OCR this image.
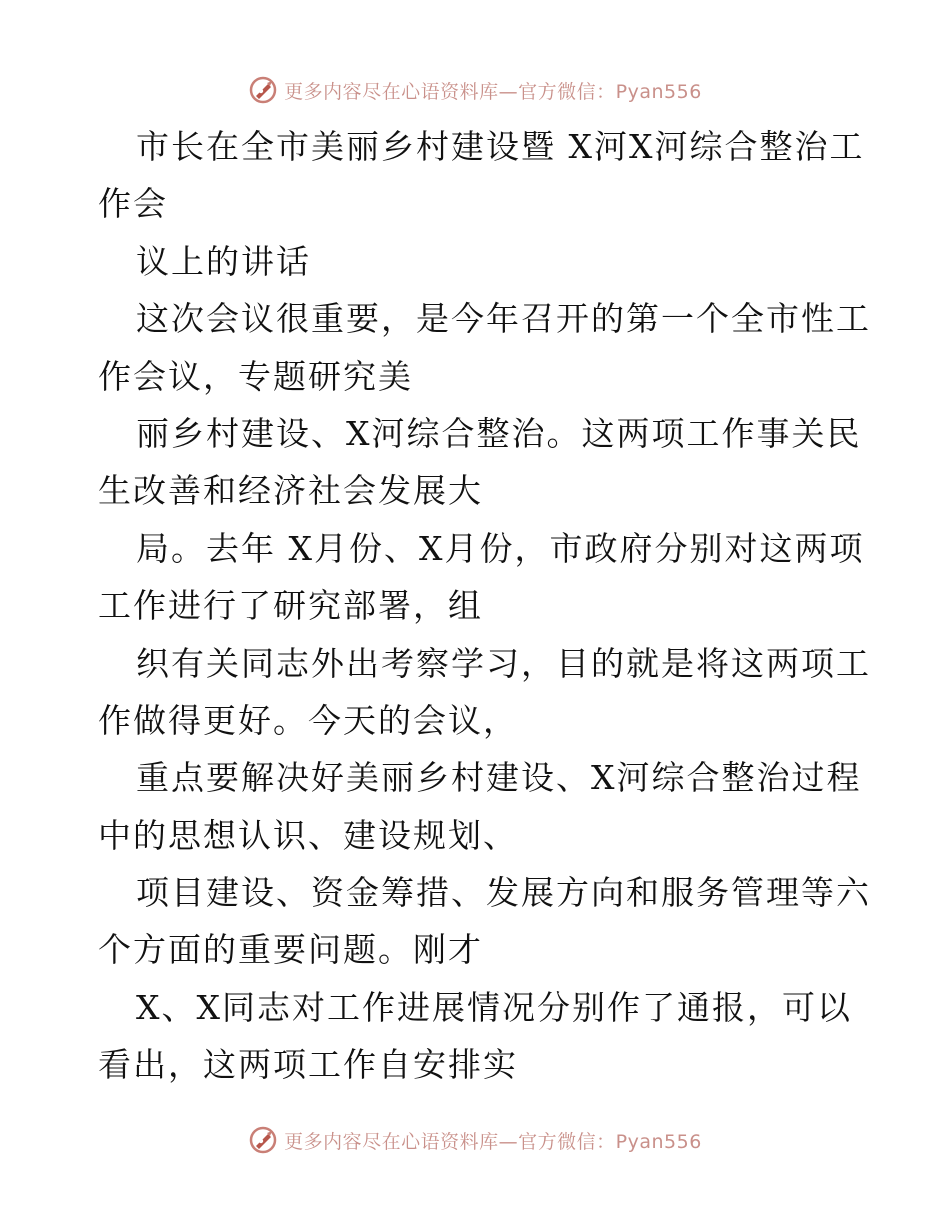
更多内容尽在心语资料库—官方微信：Pyan556
市长在全市美丽乡村建设暨 X河X河综合整治工
作会
议上的讲话
这次会议很重要，是今年召开的第一个全市性工
作会议，专题研究美
丽乡村建设、X河综合整治。这两项工作事关民
生改善和经济社会发展大
局。去年 X月份、X月份，市政府分别对这两项
工作进行了研究部署，组
织有关同志外出考察学习，目的就是将这两项工
作做得更好。今天的会议，
重点要解决好美丽乡村建设、X河综合整治过程
中的思想认识、建设规划、
项目建设、资金筹措、发展方向和服务管理等六
个方面的重要问题。刚才
X、X同志对工作进展情况分别作了通报，可以
看出，这两项工作自安排实
更多内容尽在心语资料库—官方微信：Pyan556
